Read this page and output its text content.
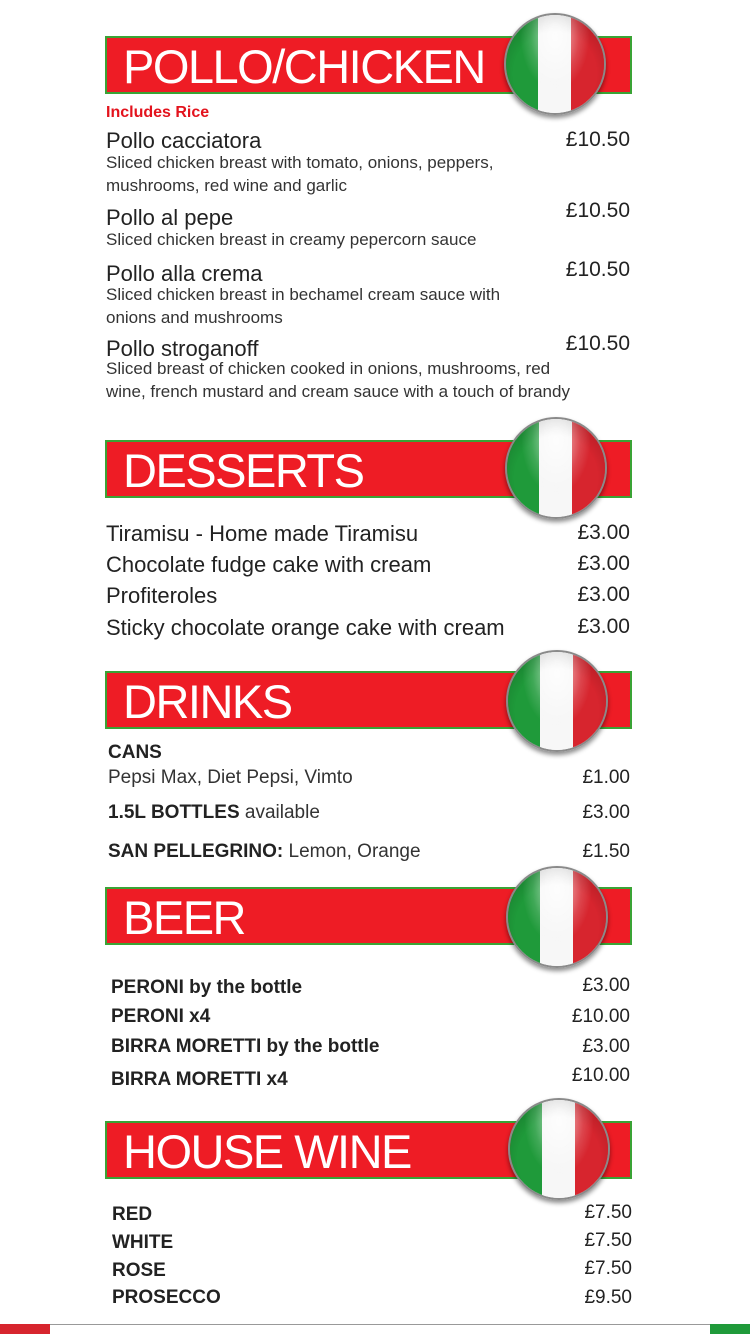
POLLO/CHICKEN
Includes Rice
Pollo cacciatora	£10.50
Sliced chicken breast with tomato, onions, peppers, mushrooms, red wine and garlic
Pollo al pepe	£10.50
Sliced chicken breast in creamy pepercorn sauce
Pollo alla crema	£10.50
Sliced chicken breast in bechamel cream sauce with onions and mushrooms
Pollo stroganoff	£10.50
Sliced breast of chicken cooked in onions, mushrooms, red wine, french mustard and cream sauce with a touch of brandy
DESSERTS
Tiramisu - Home made Tiramisu	£3.00
Chocolate fudge cake with cream	£3.00
Profiteroles	£3.00
Sticky chocolate orange cake with cream	£3.00
DRINKS
CANS
Pepsi Max, Diet Pepsi, Vimto	£1.00
1.5L BOTTLES available	£3.00
SAN PELLEGRINO: Lemon, Orange	£1.50
BEER
PERONI by the bottle	£3.00
PERONI x4	£10.00
BIRRA MORETTI by the bottle	£3.00
BIRRA MORETTI x4	£10.00
HOUSE WINE
RED	£7.50
WHITE	£7.50
ROSE	£7.50
PROSECCO	£9.50
